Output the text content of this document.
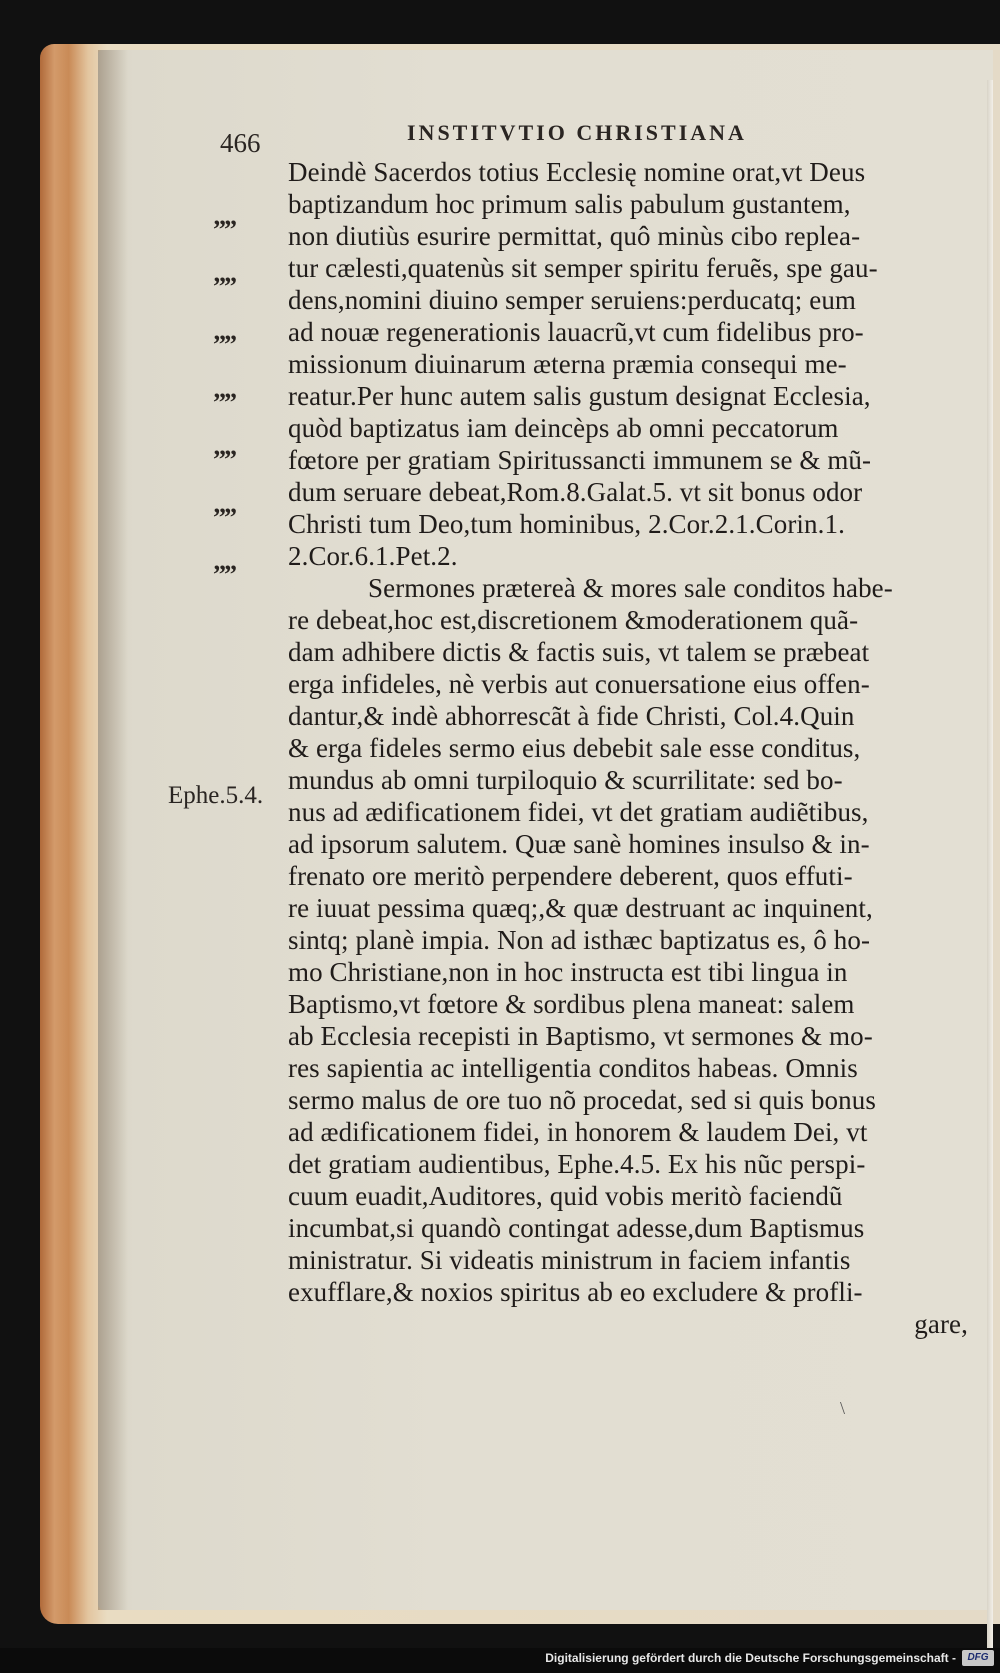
466	INSTITVTIO CHRISTIANA
Deindè Sacerdos totius Ecclesię nomine orat,vt Deus
baptizandum hoc primum salis pabulum gustantem,
non diutiùs esurire permittat, quô minùs cibo replea-
tur cælesti,quatenùs sit semper spiritu feruẽs, spe gau-
dens,nomini diuino semper seruiens:perducatq; eum
ad nouæ regenerationis lauacrũ,vt cum fidelibus pro-
missionum diuinarum æterna præmia consequi me-
reatur.Per hunc autem salis gustum designat Ecclesia,
quòd baptizatus iam deincèps ab omni peccatorum
fœtore per gratiam Spiritussancti immunem se & mũ-
dum seruare debeat,Rom.8.Galat.5. vt sit bonus odor
Christi tum Deo,tum hominibus, 2.Cor.2.1.Corin.1.
2.Cor.6.1.Pet.2.
Sermones prætereà & mores sale conditos habe-
re debeat,hoc est,discretionem &moderationem quã-
dam adhibere dictis & factis suis, vt talem se præbeat
erga infideles, nè verbis aut conuersatione eius offen-
dantur,& indè abhorrescãt à fide Christi, Col.4.Quin
& erga fideles sermo eius debebit sale esse conditus,
mundus ab omni turpiloquio & scurrilitate: sed bo-
nus ad ædificationem fidei, vt det gratiam audiẽtibus,
ad ipsorum salutem. Quæ sanè homines insulso & in-
frenato ore meritò perpendere deberent, quos effuti-
re iuuat pessima quæq;,& quæ destruant ac inquinent,
sintq; planè impia. Non ad isthæc baptizatus es, ô ho-
mo Christiane,non in hoc instructa est tibi lingua in
Baptismo,vt fœtore & sordibus plena maneat: salem
ab Ecclesia recepisti in Baptismo, vt sermones & mo-
res sapientia ac intelligentia conditos habeas. Omnis
sermo malus de ore tuo nõ procedat, sed si quis bonus
ad ædificationem fidei, in honorem & laudem Dei, vt
det gratiam audientibus, Ephe.4.5. Ex his nũc perspi-
cuum euadit,Auditores, quid vobis meritò faciendũ
incumbat,si quandò contingat adesse,dum Baptismus
ministratur. Si videatis ministrum in faciem infantis
exufflare,& noxios spiritus ab eo excludere & profli-
gare,
””
””
””
””
””
””
””
Ephe.5.4.
\
Digitalisierung gefördert durch die Deutsche Forschungsgemeinschaft -	DFG
